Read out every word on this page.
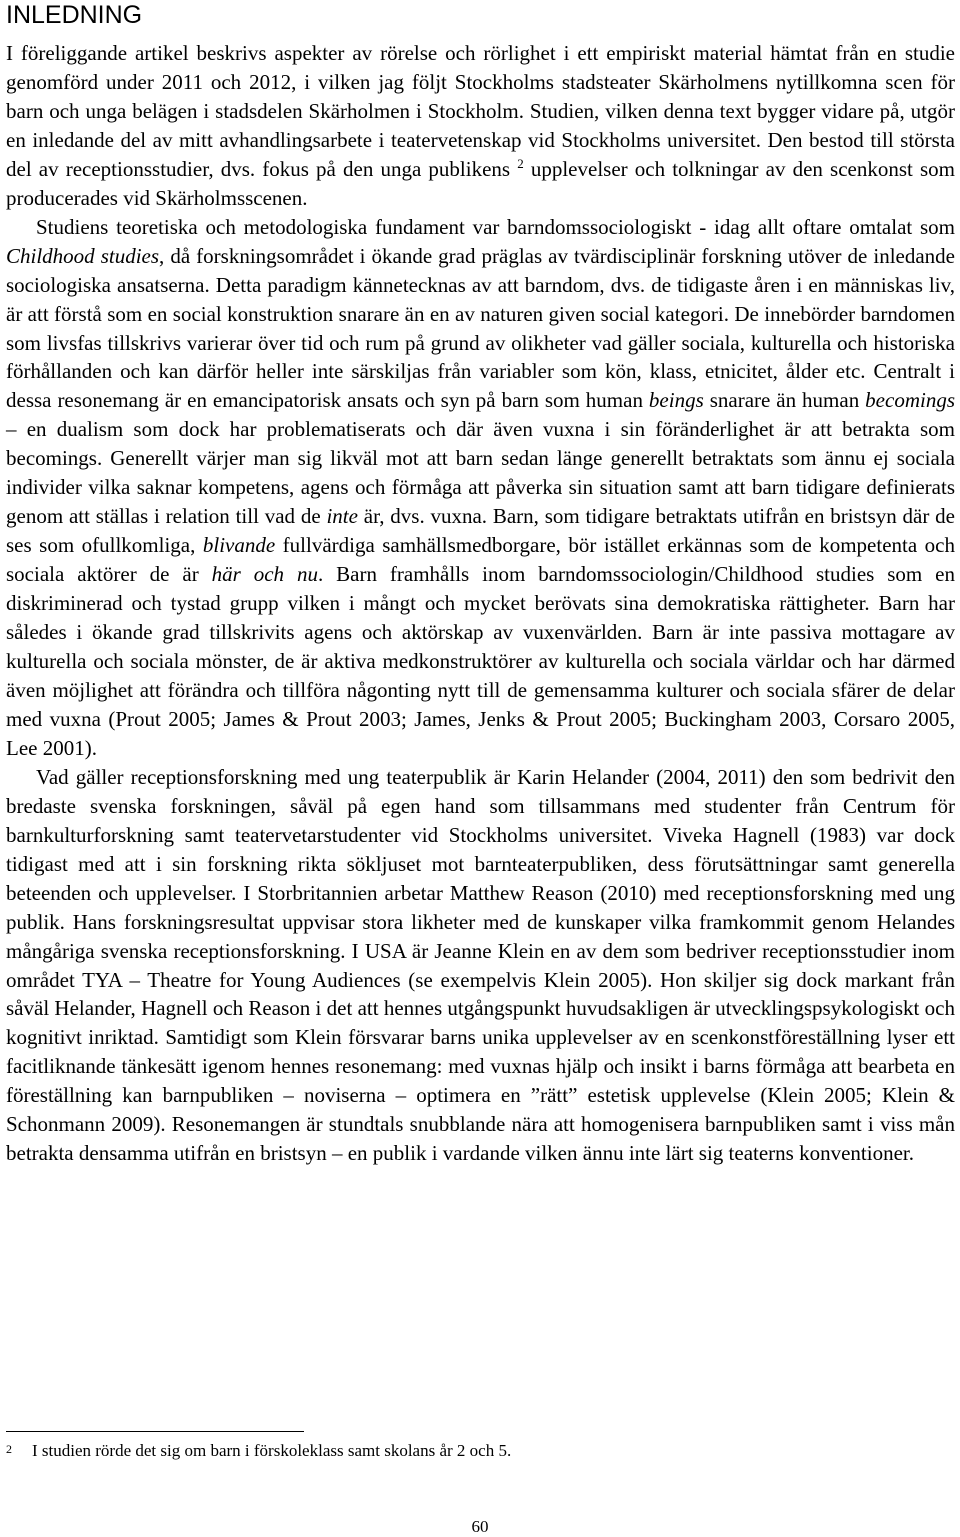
INLEDNING

I föreliggande artikel beskrivs aspekter av rörelse och rörlighet i ett empiriskt material hämtat från en studie genomförd under 2011 och 2012, i vilken jag följt Stockholms stadsteater Skärholmens nytillkomna scen för barn och unga belägen i stadsdelen Skärholmen i Stockholm. Studien, vilken denna text bygger vidare på, utgör en inledande del av mitt avhandlingsarbete i teatervetenskap vid Stockholms universitet. Den bestod till största del av receptionsstudier, dvs. fokus på den unga publikens $^2$ upplevelser och tolkningar av den scenkonst som producerades vid Skärholmsscenen.

Studiens teoretiska och metodologiska fundament var barndomssociologiskt - idag allt oftare omtalat som Childhood studies, då forskningsområdet i ökande grad präglas av tvärdisciplinär forskning utöver de inledande sociologiska ansatserna. Detta paradigm kännetecknas av att barndom, dvs. de tidigaste åren i en människas liv, är att förstå som en social konstruktion snarare än en av naturen given social kategori. De innebörder barndomen som livsfas tillskrivs varierar över tid och rum på grund av olikheter vad gäller sociala, kulturella och historiska förhållanden och kan därför heller inte särskiljas från variabler som kön, klass, etnicitet, ålder etc. Centralt i dessa resonemang är en emancipatorisk ansats och syn på barn som human beings snarare än human becomings – en dualism som dock har problematiserats och där även vuxna i sin föränderlighet är att betrakta som becomings. Generellt värjer man sig likväl mot att barn sedan länge generellt betraktats som ännu ej sociala individer vilka saknar kompetens, agens och förmåga att påverka sin situation samt att barn tidigare definierats genom att ställas i relation till vad de inte är, dvs. vuxna. Barn, som tidigare betraktats utifrån en bristsyn där de ses som ofullkomliga, blivande fullvärdiga samhällsmedborgare, bör istället erkännas som de kompetenta och sociala aktörer de är här och nu. Barn framhålls inom barndomssociologin/Childhood studies som en diskriminerad och tystad grupp vilken i mångt och mycket berövats sina demokratiska rättigheter. Barn har således i ökande grad tillskrivits agens och aktörskap av vuxenvärlden. Barn är inte passiva mottagare av kulturella och sociala mönster, de är aktiva medkonstruktörer av kulturella och sociala världar och har därmed även möjlighet att förändra och tillföra någonting nytt till de gemensamma kulturer och sociala sfärer de delar med vuxna (Prout 2005; James & Prout 2003; James, Jenks & Prout 2005; Buckingham 2003, Corsaro 2005, Lee 2001).

Vad gäller receptionsforskning med ung teaterpublik är Karin Helander (2004, 2011) den som bedrivit den bredaste svenska forskningen, såväl på egen hand som tillsammans med studenter från Centrum för barnkulturforskning samt teatervetarstudenter vid Stockholms universitet. Viveka Hagnell (1983) var dock tidigast med att i sin forskning rikta sökljuset mot barnteaterpubliken, dess förutsättningar samt generella beteenden och upplevelser. I Storbritannien arbetar Matthew Reason (2010) med receptionsforskning med ung publik. Hans forskningsresultat uppvisar stora likheter med de kunskaper vilka framkommit genom Helandes mångåriga svenska receptionsforskning. I USA är Jeanne Klein en av dem som bedriver receptionsstudier inom området TYA – Theatre for Young Audiences (se exempelvis Klein 2005). Hon skiljer sig dock markant från såväl Helander, Hagnell och Reason i det att hennes utgångspunkt huvudsakligen är utvecklingspsykologiskt och kognitivt inriktad. Samtidigt som Klein försvarar barns unika upplevelser av en scenkonstföreställning lyser ett facitliknande tänkesätt igenom hennes resonemang: med vuxnas hjälp och insikt i barns förmåga att bearbeta en föreställning kan barnpubliken – noviserna – optimera en ”rätt” estetisk upplevelse (Klein 2005; Klein & Schonmann 2009). Resonemangen är stundtals snubblande nära att homogenisera barnpubliken samt i viss mån betrakta densamma utifrån en bristsyn – en publik i vardande vilken ännu inte lärt sig teaterns konventioner.

2 I studien rörde det sig om barn i förskoleklass samt skolans år 2 och 5.
60
